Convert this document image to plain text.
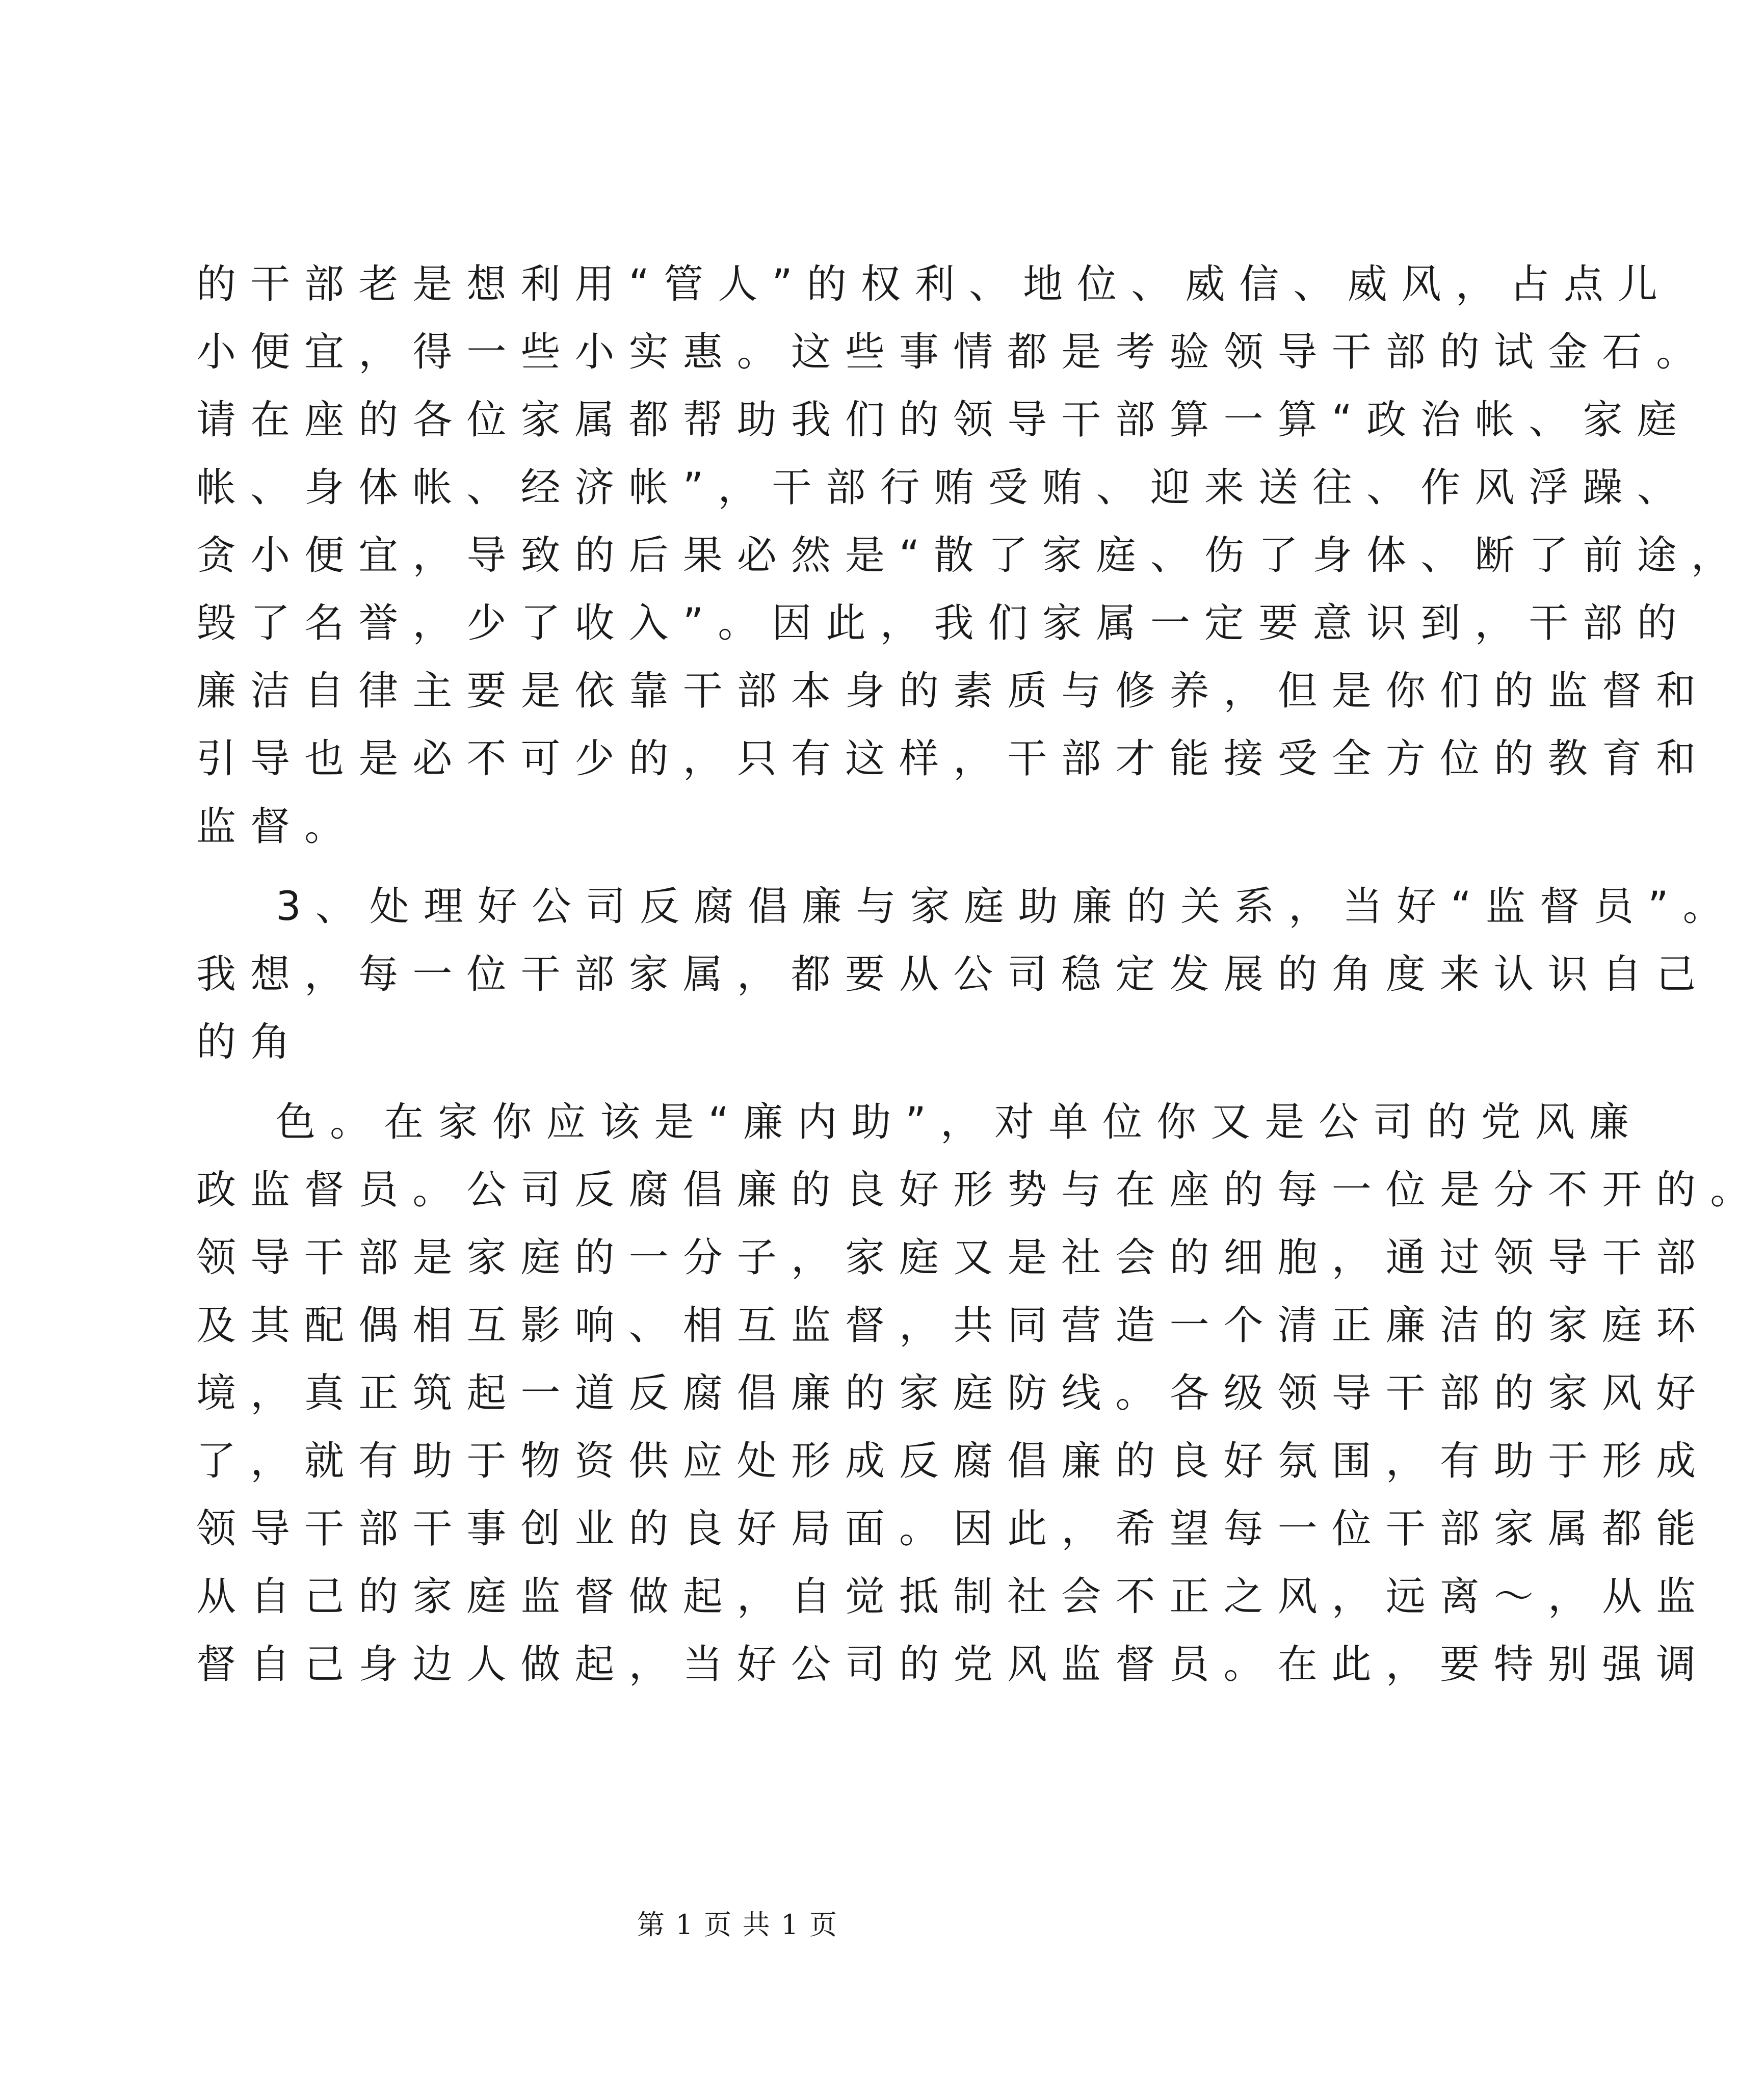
的干部老是想利用“管人”的权利、地位、威信、威风，占点儿
小便宜，得一些小实惠。这些事情都是考验领导干部的试金石。
请在座的各位家属都帮助我们的领导干部算一算“政治帐、家庭
帐、身体帐、经济帐”，干部行贿受贿、迎来送往、作风浮躁、
贪小便宜，导致的后果必然是“散了家庭、伤了身体、断了前途，
毁了名誉，少了收入”。因此，我们家属一定要意识到，干部的
廉洁自律主要是依靠干部本身的素质与修养，但是你们的监督和
引导也是必不可少的，只有这样，干部才能接受全方位的教育和
监督。
3、处理好公司反腐倡廉与家庭助廉的关系，当好“监督员”。
我想，每一位干部家属，都要从公司稳定发展的角度来认识自己
的角
色。在家你应该是“廉内助”，对单位你又是公司的党风廉
政监督员。公司反腐倡廉的良好形势与在座的每一位是分不开的。
领导干部是家庭的一分子，家庭又是社会的细胞，通过领导干部
及其配偶相互影响、相互监督，共同营造一个清正廉洁的家庭环
境，真正筑起一道反腐倡廉的家庭防线。各级领导干部的家风好
了，就有助于物资供应处形成反腐倡廉的良好氛围，有助于形成
领导干部干事创业的良好局面。因此，希望每一位干部家属都能
从自己的家庭监督做起，自觉抵制社会不正之风，远离～，从监
督自己身边人做起，当好公司的党风监督员。在此，要特别强调
第 1 页 共 1 页
